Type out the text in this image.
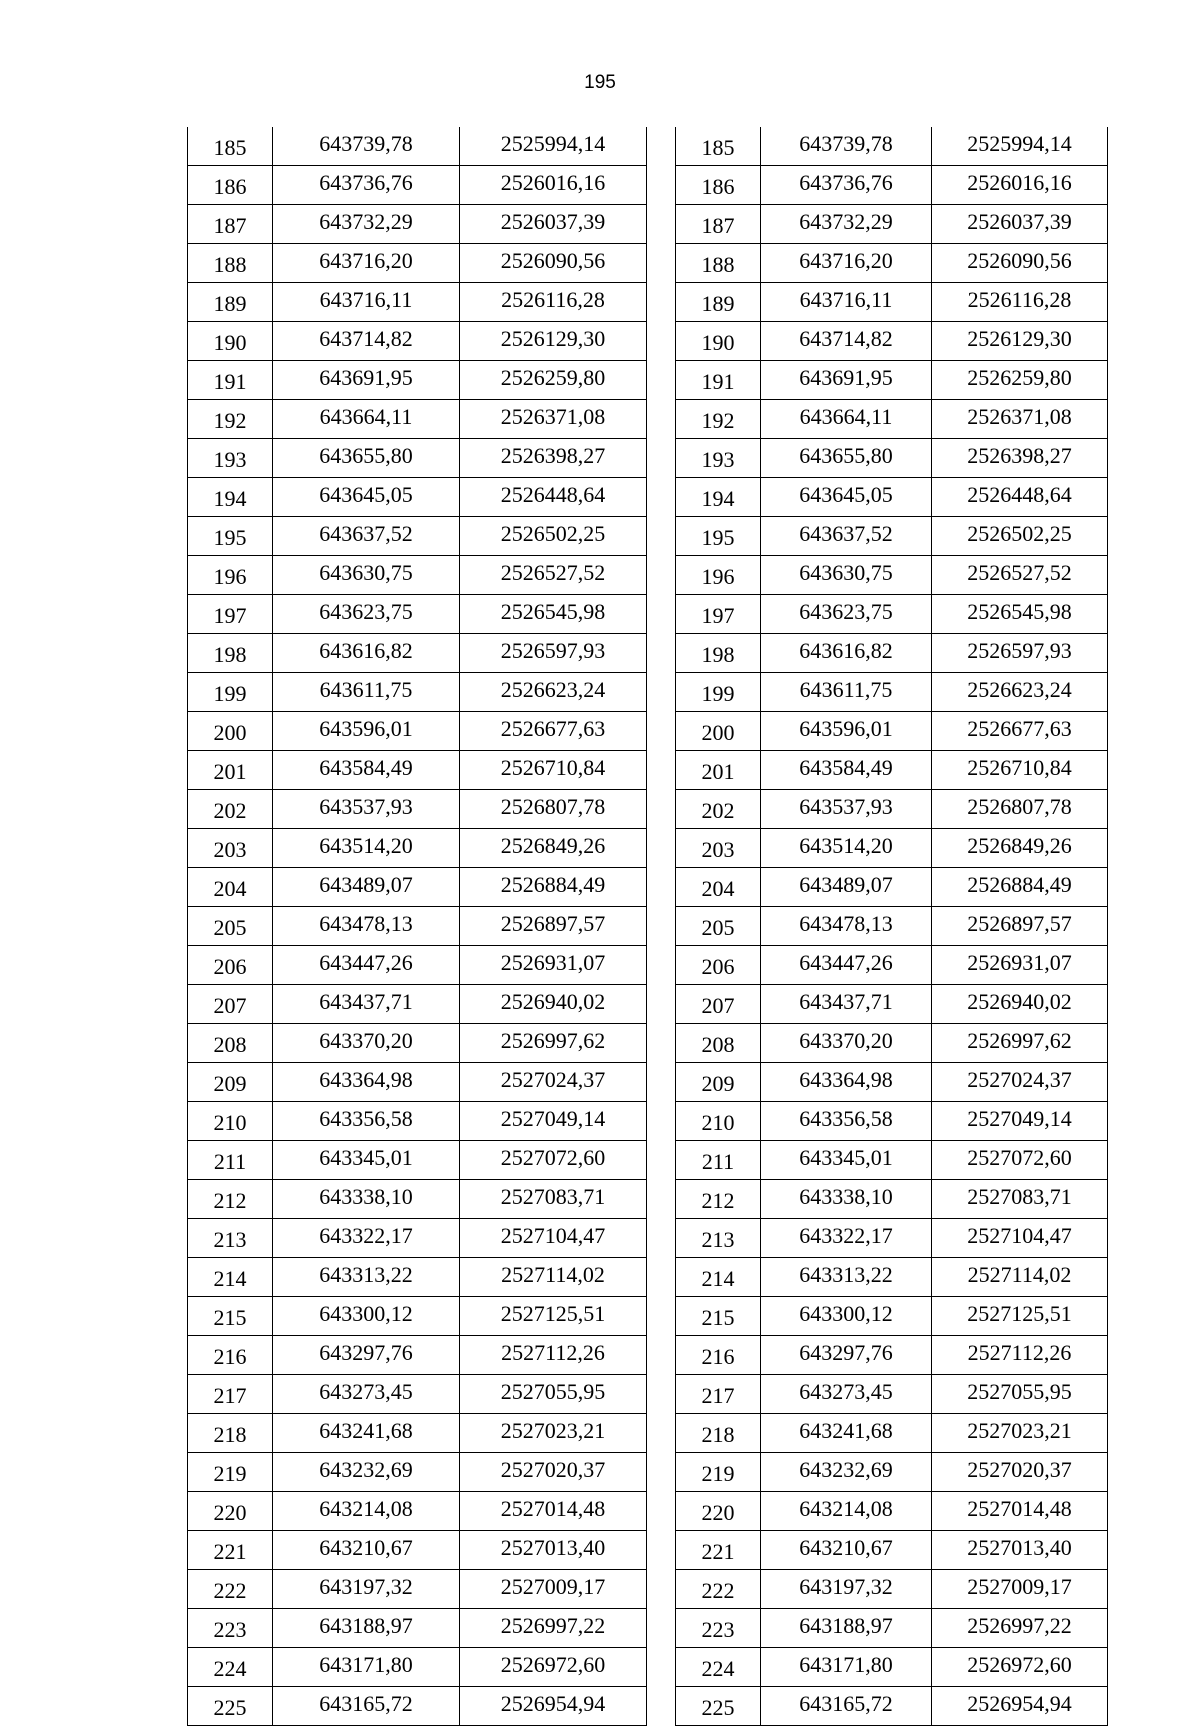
195
185	643739,78	2525994,14
186	643736,76	2526016,16
187	643732,29	2526037,39
188	643716,20	2526090,56
189	643716,11	2526116,28
190	643714,82	2526129,30
191	643691,95	2526259,80
192	643664,11	2526371,08
193	643655,80	2526398,27
194	643645,05	2526448,64
195	643637,52	2526502,25
196	643630,75	2526527,52
197	643623,75	2526545,98
198	643616,82	2526597,93
199	643611,75	2526623,24
200	643596,01	2526677,63
201	643584,49	2526710,84
202	643537,93	2526807,78
203	643514,20	2526849,26
204	643489,07	2526884,49
205	643478,13	2526897,57
206	643447,26	2526931,07
207	643437,71	2526940,02
208	643370,20	2526997,62
209	643364,98	2527024,37
210	643356,58	2527049,14
211	643345,01	2527072,60
212	643338,10	2527083,71
213	643322,17	2527104,47
214	643313,22	2527114,02
215	643300,12	2527125,51
216	643297,76	2527112,26
217	643273,45	2527055,95
218	643241,68	2527023,21
219	643232,69	2527020,37
220	643214,08	2527014,48
221	643210,67	2527013,40
222	643197,32	2527009,17
223	643188,97	2526997,22
224	643171,80	2526972,60
225	643165,72	2526954,94
185	643739,78	2525994,14
186	643736,76	2526016,16
187	643732,29	2526037,39
188	643716,20	2526090,56
189	643716,11	2526116,28
190	643714,82	2526129,30
191	643691,95	2526259,80
192	643664,11	2526371,08
193	643655,80	2526398,27
194	643645,05	2526448,64
195	643637,52	2526502,25
196	643630,75	2526527,52
197	643623,75	2526545,98
198	643616,82	2526597,93
199	643611,75	2526623,24
200	643596,01	2526677,63
201	643584,49	2526710,84
202	643537,93	2526807,78
203	643514,20	2526849,26
204	643489,07	2526884,49
205	643478,13	2526897,57
206	643447,26	2526931,07
207	643437,71	2526940,02
208	643370,20	2526997,62
209	643364,98	2527024,37
210	643356,58	2527049,14
211	643345,01	2527072,60
212	643338,10	2527083,71
213	643322,17	2527104,47
214	643313,22	2527114,02
215	643300,12	2527125,51
216	643297,76	2527112,26
217	643273,45	2527055,95
218	643241,68	2527023,21
219	643232,69	2527020,37
220	643214,08	2527014,48
221	643210,67	2527013,40
222	643197,32	2527009,17
223	643188,97	2526997,22
224	643171,80	2526972,60
225	643165,72	2526954,94
